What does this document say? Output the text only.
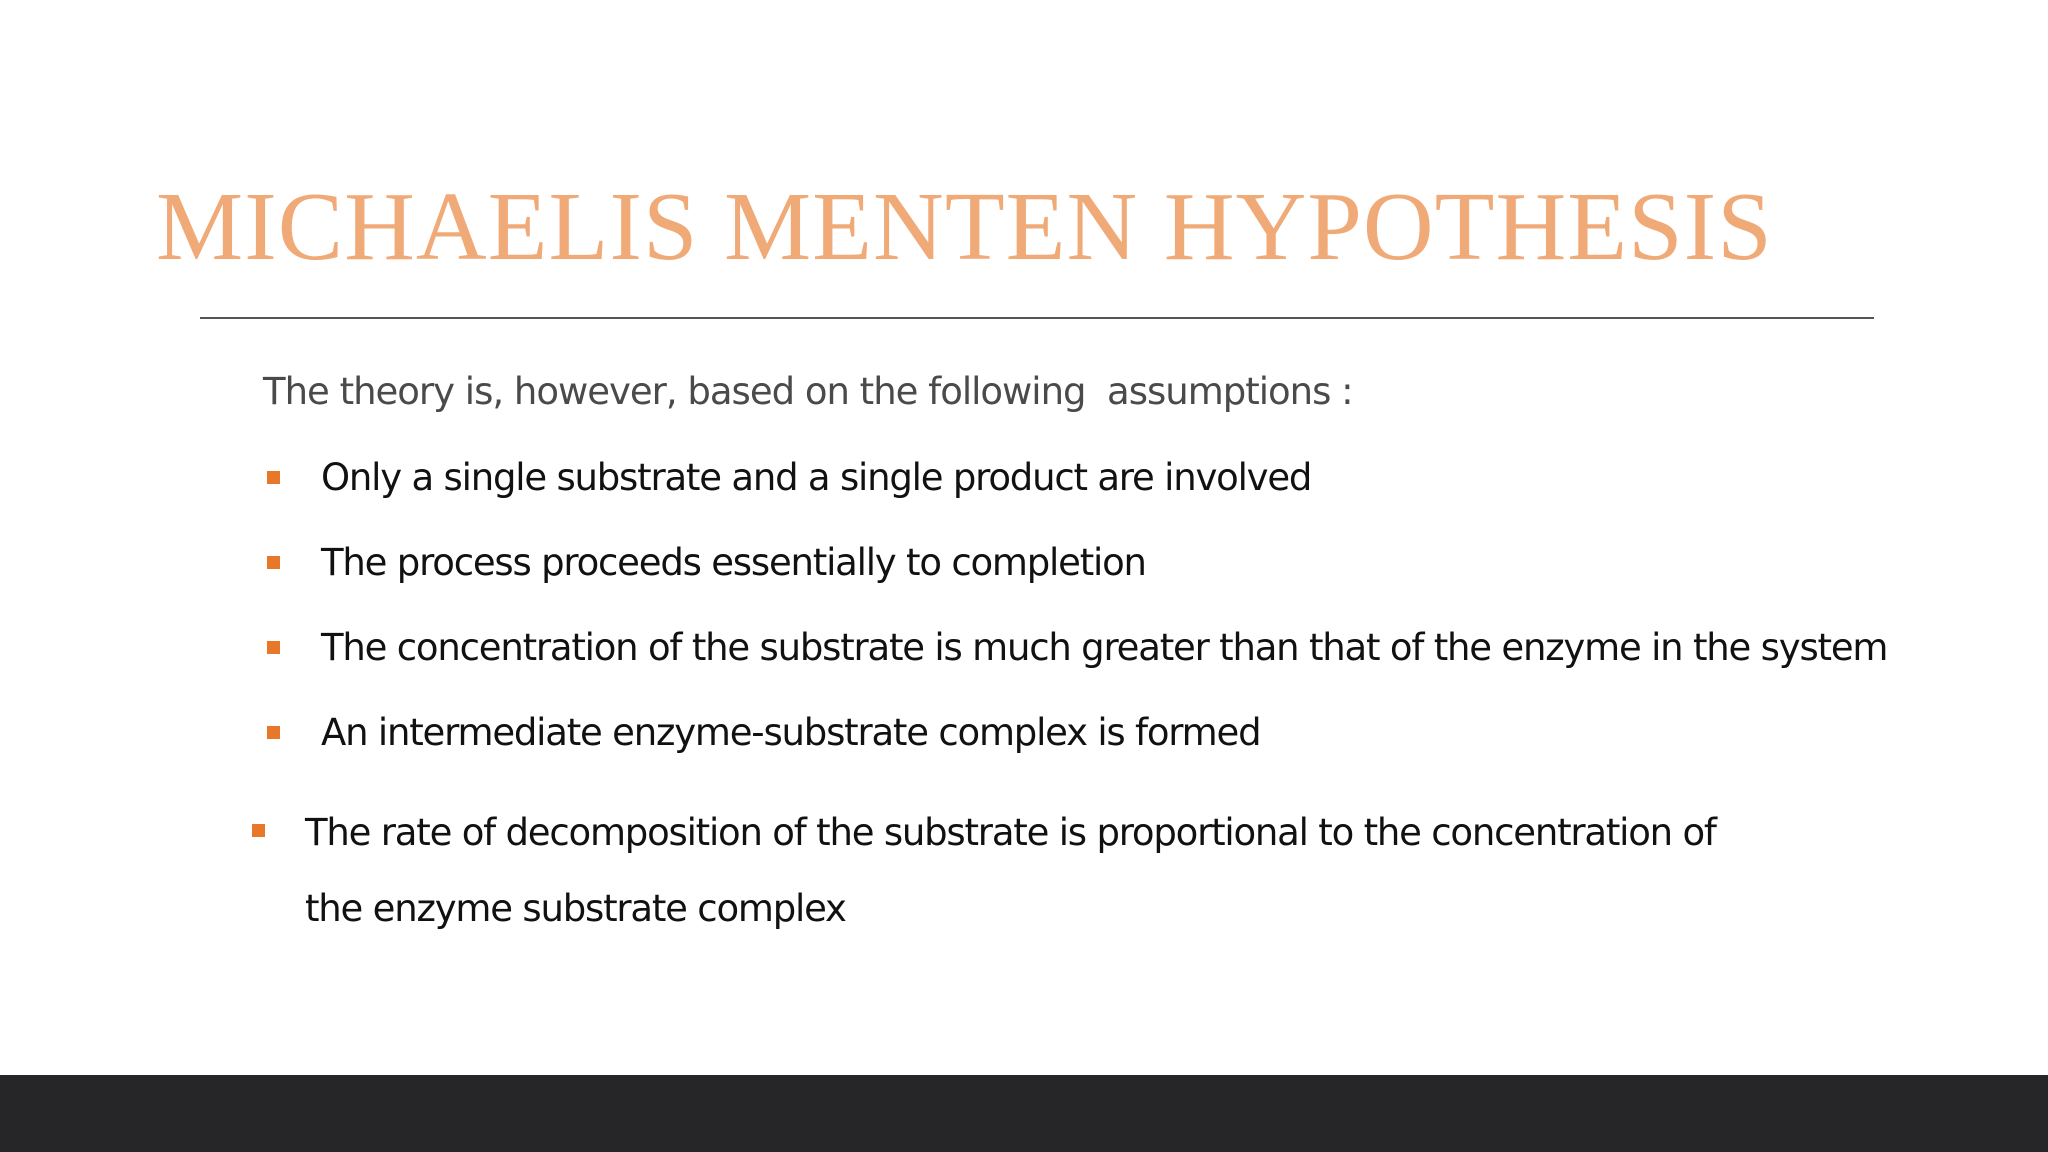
MICHAELIS MENTEN HYPOTHESIS
The theory is, however, based on the following  assumptions :
Only a single substrate and a single product are involved
The process proceeds essentially to completion
The concentration of the substrate is much greater than that of the enzyme in the system
An intermediate enzyme-substrate complex is formed
The rate of decomposition of the substrate is proportional to the concentration of
the enzyme substrate complex
